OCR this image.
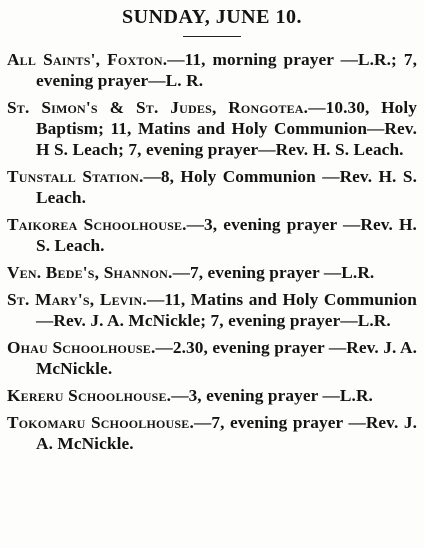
SUNDAY, JUNE 10.
All Saints', Foxton.—11, morning prayer —L.R.; 7, evening prayer—L. R.
St. Simon's & St. Judes, Rongotea.—10.30, Holy Baptism; 11, Matins and Holy Communion—Rev. H S. Leach; 7, evening prayer—Rev. H. S. Leach.
Tunstall Station.—8, Holy Communion —Rev. H. S. Leach.
Taikorea Schoolhouse.—3, evening prayer —Rev. H. S. Leach.
Ven. Bede's, Shannon.—7, evening prayer —L.R.
St. Mary's, Levin.—11, Matins and Holy Communion—Rev. J. A. McNickle; 7, evening prayer—L.R.
Ohau Schoolhouse.—2.30, evening prayer —Rev. J. A. McNickle.
Kereru Schoolhouse.—3, evening prayer —L.R.
Tokomaru Schoolhouse.—7, evening prayer —Rev. J. A. McNickle.
